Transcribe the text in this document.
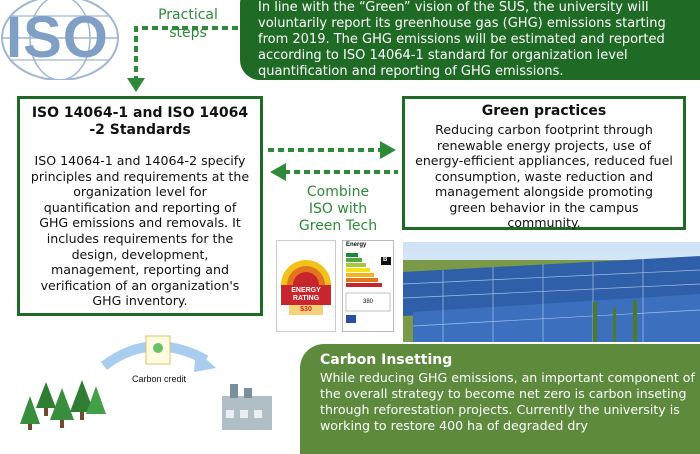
ISO	Practical
steps
In line with the “Green” vision of the SUS, the university will voluntarily report its greenhouse gas (GHG) emissions starting from 2019. The GHG emissions will be estimated and reported according to ISO 14064-1 standard for organization level quantification and reporting of GHG emissions.
ISO 14064-1 and ISO 14064 -2 Standards

ISO 14064-1 and 14064-2 specify principles and requirements at the organization level for quantification and reporting of GHG emissions and removals. It includes requirements for the design, development, management, reporting and verification of an organization's GHG inventory.

Green practices

Reducing carbon footprint through renewable energy projects, use of energy-efficient appliances, reduced fuel consumption, waste reduction and management alongside promoting green behavior in the campus community.

Combine
ISO with
Green Tech
ENERGY
RATING
$30
Energy
B
380
Carbon credit
Carbon Insetting

While reducing GHG emissions, an important component of the overall strategy to become net zero is carbon inseting through reforestation projects. Currently the university is working to restore 400 ha of degraded dry
